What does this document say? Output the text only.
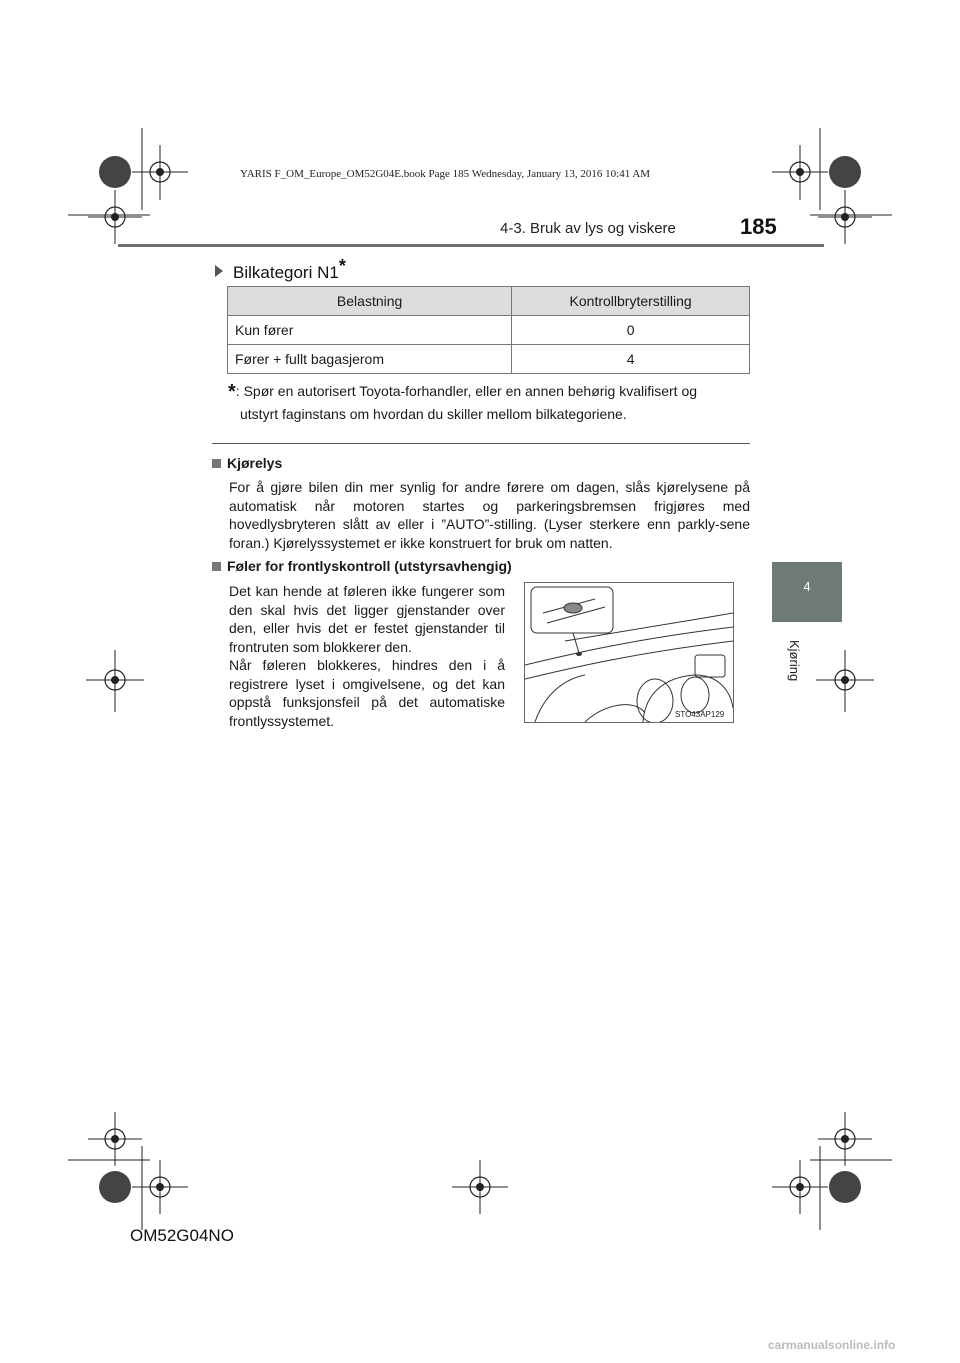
YARIS F_OM_Europe_OM52G04E.book Page 185 Wednesday, January 13, 2016 10:41 AM
4-3. Bruk av lys og viskere	185
4
Kjøring
Bilkategori N1*
Belastning	Kontrollbryterstilling
Kun fører	0
Fører + fullt bagasjerom	4
*: Spør en autorisert Toyota-forhandler, eller en annen behørig kvalifisert og
utstyrt faginstans om hvordan du skiller mellom bilkategoriene.
Kjørelys
For å gjøre bilen din mer synlig for andre førere om dagen, slås kjørelysene på automatisk når motoren startes og parkeringsbremsen frigjøres med hovedlysbryteren slått av eller i ”AUTO”-stilling. (Lyser sterkere enn parkly-sene foran.) Kjørelyssystemet er ikke konstruert for bruk om natten.
Føler for frontlyskontroll (utstyrsavhengig)
Det kan hende at føleren ikke fungerer som den skal hvis det ligger gjenstander over den, eller hvis det er festet gjenstander til frontruten som blokkerer den.
Når føleren blokkeres, hindres den i å registrere lyset i omgivelsene, og det kan oppstå funksjonsfeil på det automatiske frontlyssystemet.	STO43AP129
OM52G04NO
carmanualsonline.info
